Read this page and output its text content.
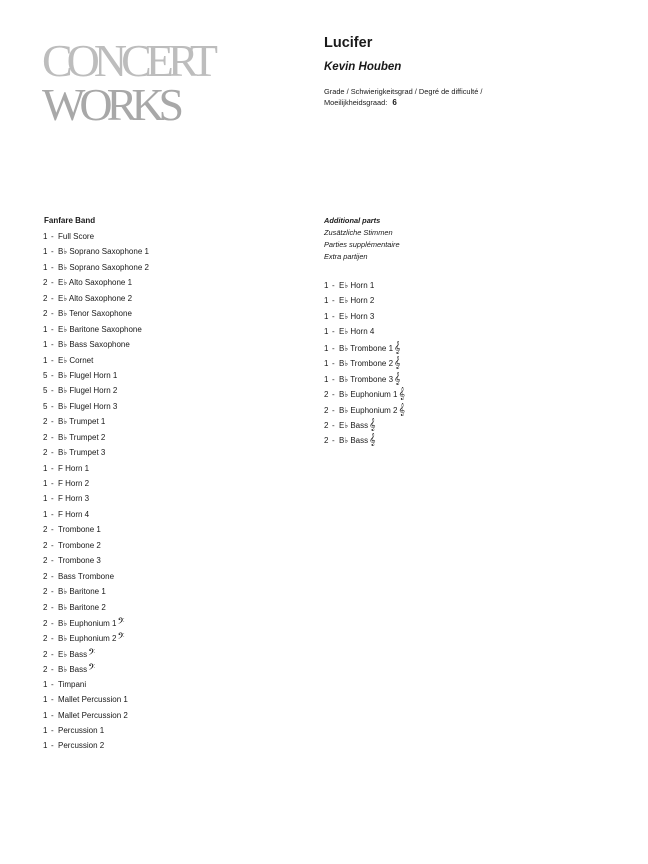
CONCERT
WORKS
Lucifer
Kevin Houben
Grade / Schwierigkeitsgrad / Degré de difficulté / Moeilijkheidsgraad: 6
Fanfare Band
1 - Full Score
1 - B♭ Soprano Saxophone 1
1 - B♭ Soprano Saxophone 2
2 - E♭ Alto Saxophone 1
2 - E♭ Alto Saxophone 2
2 - B♭ Tenor Saxophone
1 - E♭ Baritone Saxophone
1 - B♭ Bass Saxophone
1 - E♭ Cornet
5 - B♭ Flugel Horn 1
5 - B♭ Flugel Horn 2
5 - B♭ Flugel Horn 3
2 - B♭ Trumpet 1
2 - B♭ Trumpet 2
2 - B♭ Trumpet 3
1 - F Horn 1
1 - F Horn 2
1 - F Horn 3
1 - F Horn 4
2 - Trombone 1
2 - Trombone 2
2 - Trombone 3
2 - Bass Trombone
2 - B♭ Baritone 1
2 - B♭ Baritone 2
2 - B♭ Euphonium 1𝄢
2 - B♭ Euphonium 2𝄢
2 - E♭ Bass𝄢
2 - B♭ Bass𝄢
1 - Timpani
1 - Mallet Percussion 1
1 - Mallet Percussion 2
1 - Percussion 1
1 - Percussion 2
Additional parts
Zusätzliche Stimmen
Parties supplémentaire
Extra partijen
1 - E♭ Horn 1
1 - E♭ Horn 2
1 - E♭ Horn 3
1 - E♭ Horn 4
1 - B♭ Trombone 1𝄞
1 - B♭ Trombone 2𝄞
1 - B♭ Trombone 3𝄞
2 - B♭ Euphonium 1𝄞
2 - B♭ Euphonium 2𝄞
2 - E♭ Bass𝄞
2 - B♭ Bass𝄞
